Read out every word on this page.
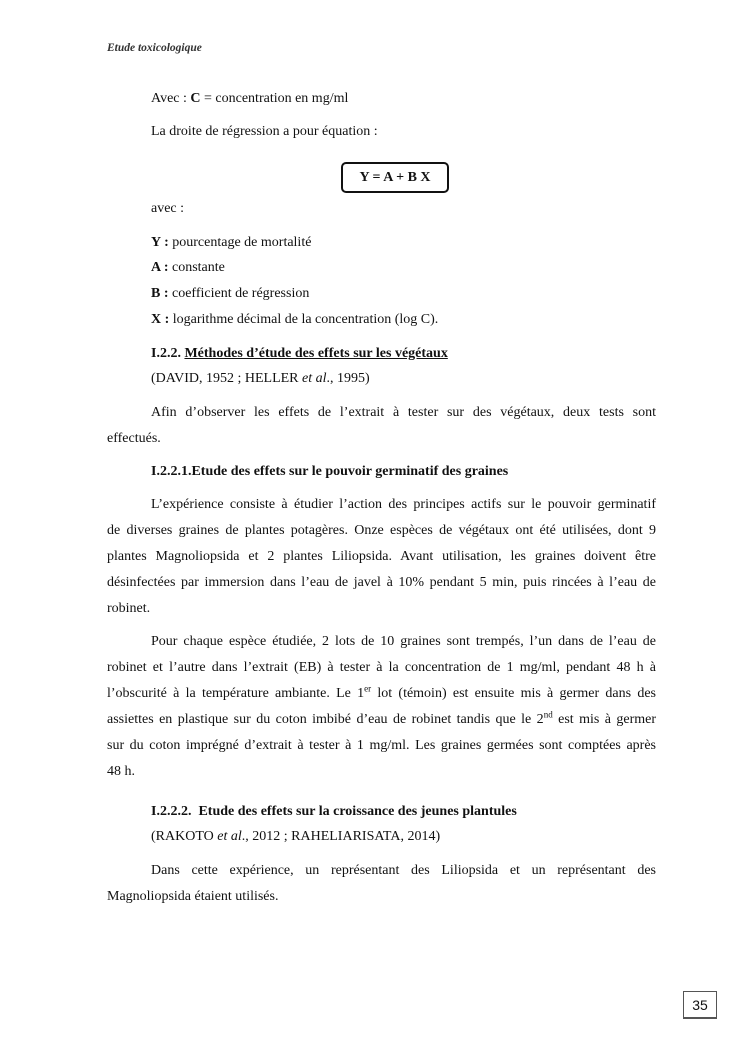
Etude toxicologique
Avec : C = concentration en mg/ml
La droite de régression a pour équation :
Y = A + B X
avec :
Y : pourcentage de mortalité
A : constante
B : coefficient de régression
X : logarithme décimal de la concentration (log C).
I.2.2. Méthodes d’étude des effets sur les végétaux
(DAVID, 1952 ; HELLER et al., 1995)
Afin d’observer les effets de l’extrait à tester sur des végétaux, deux tests sont
effectués.
I.2.2.1.Etude des effets sur le pouvoir germinatif des graines
L’expérience consiste à étudier l’action des principes actifs sur le pouvoir germinatif
de diverses graines de plantes potagères. Onze espèces de végétaux ont été utilisées, dont 9
plantes Magnoliopsida et 2 plantes Liliopsida. Avant utilisation, les graines doivent être
désinfectées par immersion dans l’eau de javel à 10% pendant 5 min, puis rincées à l’eau de
robinet.
Pour chaque espèce étudiée, 2 lots de 10 graines sont trempés, l’un dans de l’eau de
robinet et l’autre dans l’extrait (EB) à tester à la concentration de 1 mg/ml, pendant 48 h à
l’obscurité à la température ambiante. Le 1er lot (témoin) est ensuite mis à germer dans des
assiettes en plastique sur du coton imbibé d’eau de robinet tandis que le 2nd est mis à germer
sur du coton imprégné d’extrait à tester à 1 mg/ml. Les graines germées sont comptées après
48 h.
I.2.2.2. Etude des effets sur la croissance des jeunes plantules
(RAKOTO et al., 2012 ; RAHELIARISATA, 2014)
Dans cette expérience, un représentant des Liliopsida et un représentant des
Magnoliopsida étaient utilisés.
35
